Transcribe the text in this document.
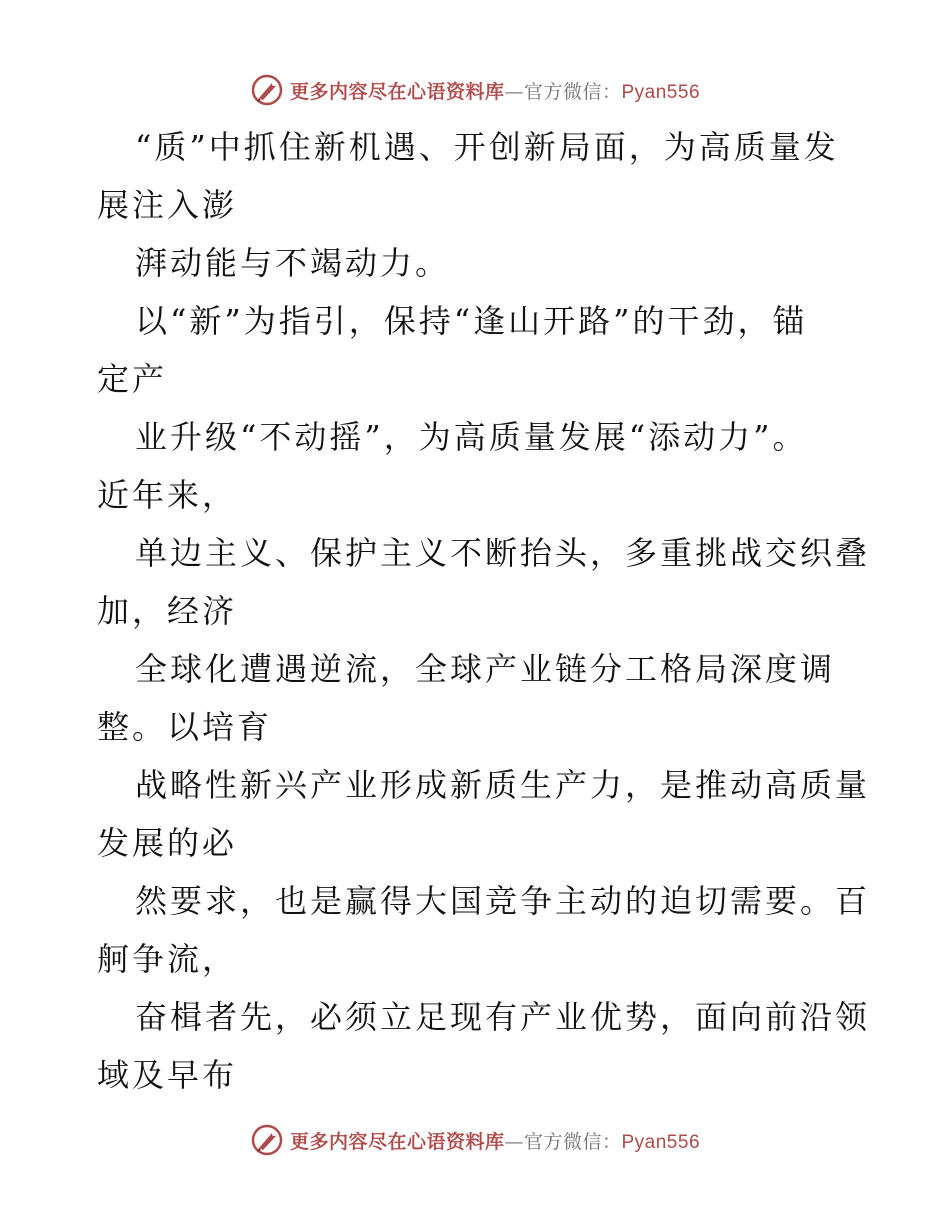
更多内容尽在心语资料库—官方微信：Pyan556

“质”中抓住新机遇、开创新局面，为高质量发

展注入澎

湃动能与不竭动力。

以“新”为指引，保持“逢山开路”的干劲，锚

定产

业升级“不动摇”，为高质量发展“添动力”。

近年来，

单边主义、保护主义不断抬头，多重挑战交织叠

加，经济

全球化遭遇逆流，全球产业链分工格局深度调

整。以培育

战略性新兴产业形成新质生产力，是推动高质量

发展的必

然要求，也是赢得大国竞争主动的迫切需要。百

舸争流，

奋楫者先，必须立足现有产业优势，面向前沿领

域及早布

更多内容尽在心语资料库—官方微信：Pyan556
